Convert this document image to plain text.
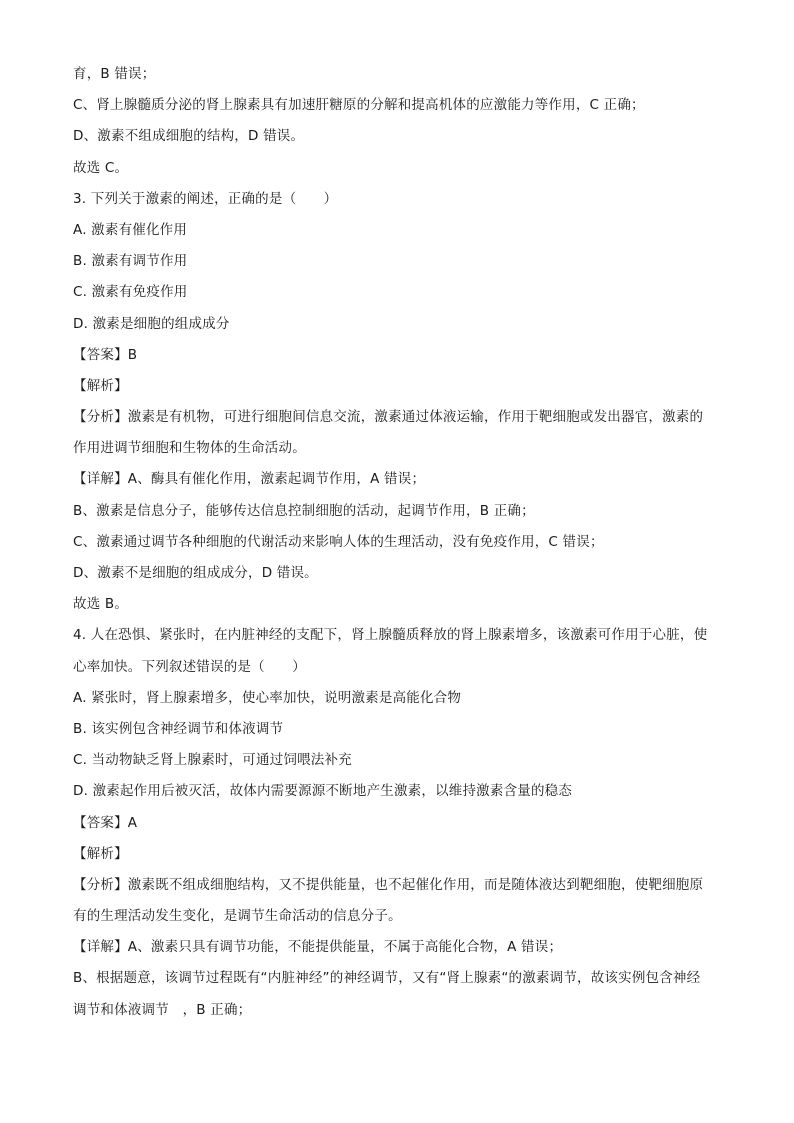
育，B 错误；
C、肾上腺髓质分泌的肾上腺素具有加速肝糖原的分解和提高机体的应激能力等作用，C 正确；
D、激素不组成细胞的结构，D 错误。
故选 C。
3. 下列关于激素的阐述，正确的是（　　）
A. 激素有催化作用
B. 激素有调节作用
C. 激素有免疫作用
D. 激素是细胞的组成成分
【答案】B
【解析】
【分析】激素是有机物，可进行细胞间信息交流，激素通过体液运输，作用于靶细胞或发出器官，激素的
作用进调节细胞和生物体的生命活动。
【详解】A、酶具有催化作用，激素起调节作用，A 错误；
B、激素是信息分子，能够传达信息控制细胞的活动，起调节作用，B 正确；
C、激素通过调节各种细胞的代谢活动来影响人体的生理活动，没有免疫作用，C 错误；
D、激素不是细胞的组成成分，D 错误。
故选 B。
4. 人在恐惧、紧张时，在内脏神经的支配下，肾上腺髓质释放的肾上腺素增多，该激素可作用于心脏，使
心率加快。下列叙述错误的是（　　）
A. 紧张时，肾上腺素增多，使心率加快，说明激素是高能化合物
B. 该实例包含神经调节和体液调节
C. 当动物缺乏肾上腺素时，可通过饲喂法补充
D. 激素起作用后被灭活，故体内需要源源不断地产生激素，以维持激素含量的稳态
【答案】A
【解析】
【分析】激素既不组成细胞结构，又不提供能量，也不起催化作用，而是随体液达到靶细胞，使靶细胞原
有的生理活动发生变化，是调节生命活动的信息分子。
【详解】A、激素只具有调节功能，不能提供能量，不属于高能化合物，A 错误；
B、根据题意，该调节过程既有“内脏神经”的神经调节，又有“肾上腺素“的激素调节，故该实例包含神经
调节和体液调节　，B 正确；
